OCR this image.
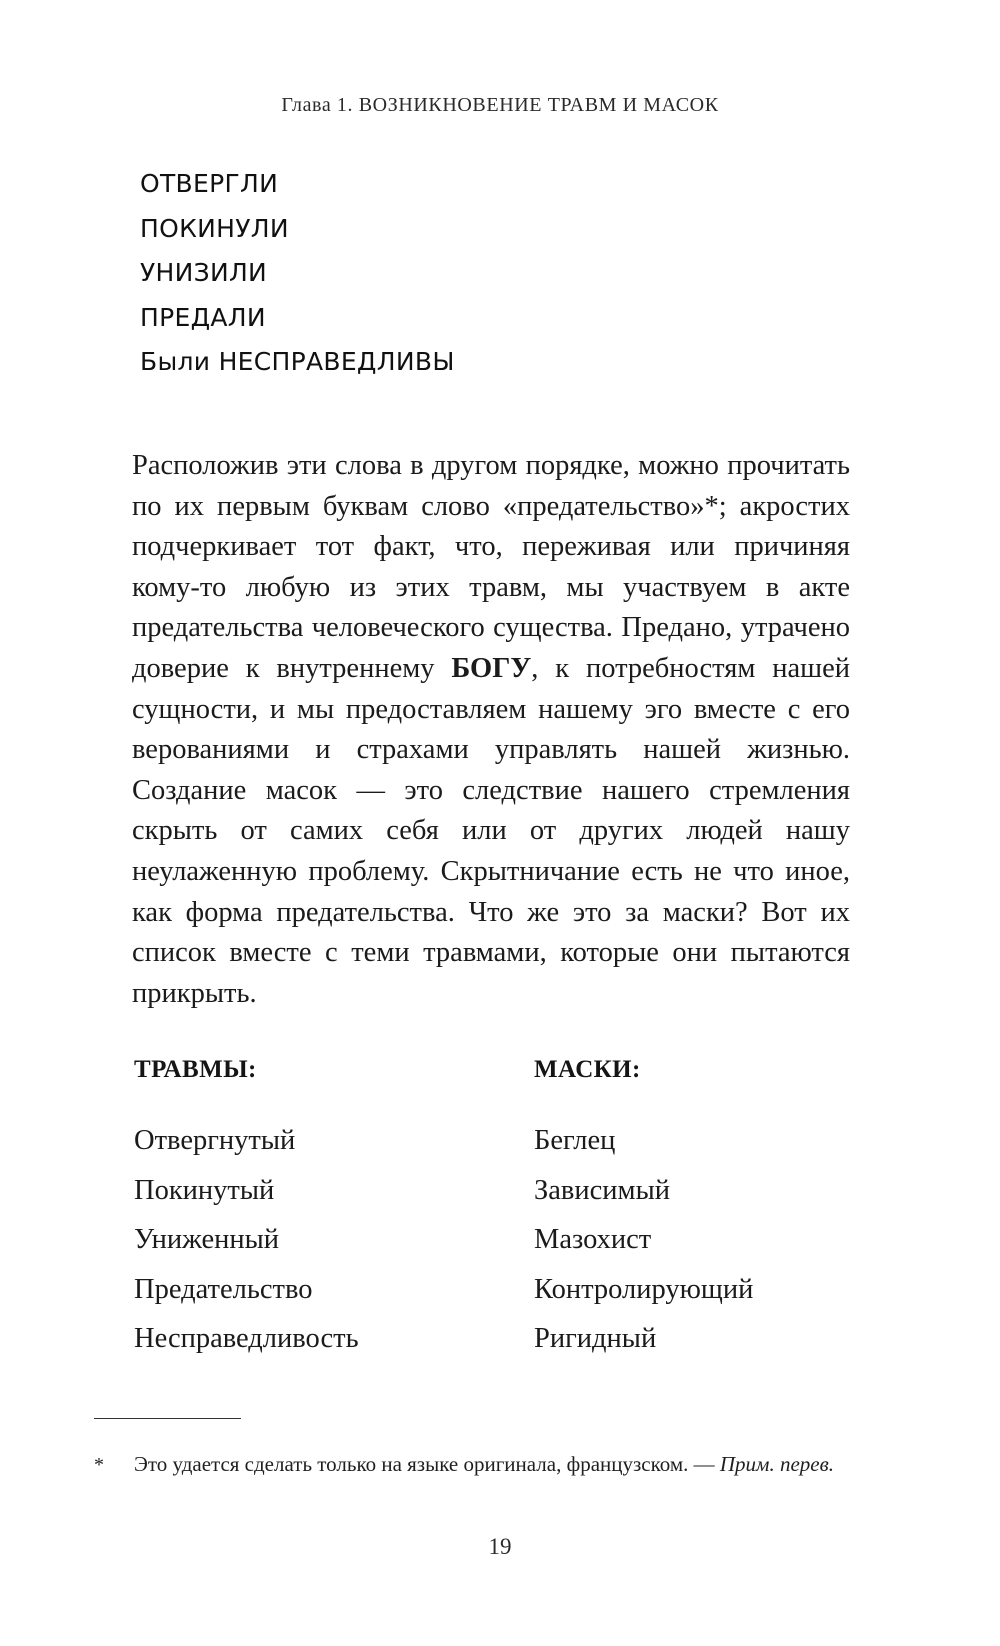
Глава 1. ВОЗНИКНОВЕНИЕ ТРАВМ И МАСОК
ОТВЕРГЛИ
ПОКИНУЛИ
УНИЗИЛИ
ПРЕДАЛИ
Были НЕСПРАВЕДЛИВЫ

Расположив эти слова в другом порядке, можно прочитать по их первым буквам слово «предательство»*; акростих подчеркивает тот факт, что, переживая или причиняя кому-то любую из этих травм, мы участвуем в акте предательства человеческого существа. Предано, утрачено доверие к внутреннему БОГУ, к потребностям нашей сущности, и мы предоставляем нашему эго вместе с его верованиями и страхами управлять нашей жизнью. Создание масок — это следствие нашего стремления скрыть от самих себя или от других людей нашу неулаженную проблему. Скрытничание есть не что иное, как форма предательства. Что же это за маски? Вот их список вместе с теми травмами, которые они пытаются прикрыть.

ТРАВМЫ:	МАСКИ:
Отвергнутый
Покинутый
Униженный
Предательство
Несправедливость
Беглец
Зависимый
Мазохист
Контролирующий
Ригидный
* Это удается сделать только на языке оригинала, французском. — Прим. перев.
19
